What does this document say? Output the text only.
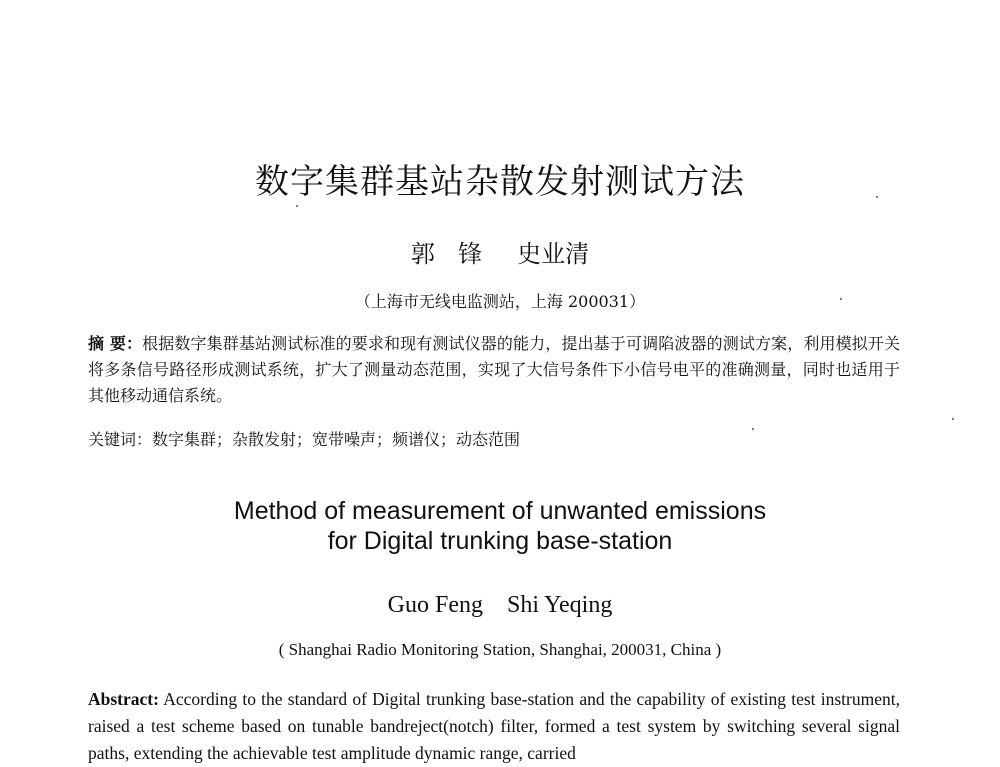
数字集群基站杂散发射测试方法
郭  锋   史业清
（上海市无线电监测站，上海 200031）
摘 要：根据数字集群基站测试标准的要求和现有测试仪器的能力，提出基于可调陷波器的测试方案，利用模拟开关将多条信号路径形成测试系统，扩大了测量动态范围，实现了大信号条件下小信号电平的准确测量，同时也适用于其他移动通信系统。
关键词：数字集群；杂散发射；宽带噪声；频谱仪；动态范围
Method of measurement of unwanted emissions
for Digital trunking base-station
Guo Feng    Shi Yeqing
( Shanghai Radio Monitoring Station, Shanghai, 200031, China )
Abstract: According to the standard of Digital trunking base-station and the capability of existing test instrument, raised a test scheme based on tunable bandreject(notch) filter, formed a test system by switching several signal paths, extending the achievable test amplitude dynamic range, carried
